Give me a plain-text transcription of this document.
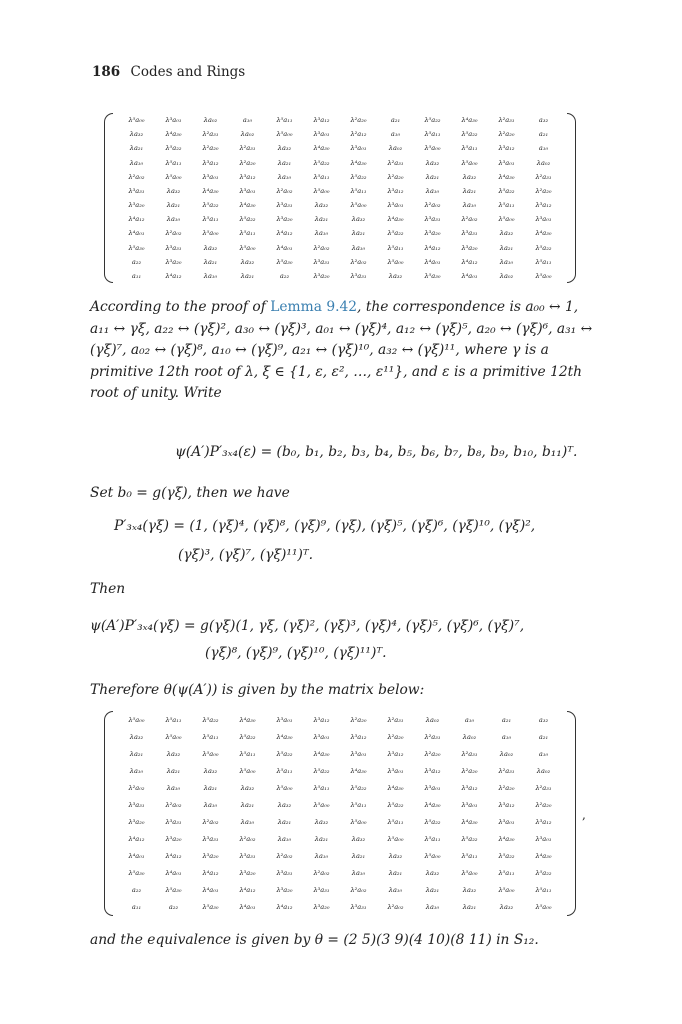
186 Codes and Rings
λ⁵a₀₀	λ³a₀₁	λa₀₂	a₁₀	λ⁵a₁₁	λ³a₁₂	λ²a₂₀	a₂₁	λ⁵a₂₂	λ⁴a₃₀	λ²a₃₁	a₃₂
λa₃₂	λ⁴a₃₀	λ²a₃₁	λa₀₂	λ⁵a₀₀	λ³a₀₁	λ²a₁₂	a₁₀	λ⁵a₁₁	λ⁵a₂₂	λ²a₂₀	a₂₁
λa₂₁	λ⁵a₂₂	λ²a₂₀	λ²a₃₁	λa₃₂	λ⁴a₃₀	λ³a₀₁	λa₀₂	λ⁵a₀₀	λ⁵a₁₁	λ³a₁₂	a₁₀
λa₁₀	λ⁵a₁₁	λ³a₁₂	λ²a₂₀	λa₂₁	λ⁵a₂₂	λ⁴a₃₀	λ²a₃₁	λa₃₂	λ⁵a₀₀	λ³a₀₁	λa₀₂
λ²a₀₂	λ⁵a₀₀	λ³a₀₁	λ³a₁₂	λa₁₀	λ⁵a₁₁	λ⁵a₂₂	λ²a₂₀	λa₂₁	λa₃₂	λ⁴a₃₀	λ²a₃₁
λ³a₃₁	λa₃₂	λ⁴a₃₀	λ³a₀₁	λ²a₀₂	λ⁵a₀₀	λ⁵a₁₁	λ³a₁₂	λa₁₀	λa₂₁	λ⁵a₂₂	λ²a₂₀
λ³a₂₀	λa₂₁	λ⁵a₂₂	λ⁴a₃₀	λ³a₃₁	λa₃₂	λ⁵a₀₀	λ³a₀₁	λ²a₀₂	λa₁₀	λ⁵a₁₁	λ³a₁₂
λ⁴a₁₂	λa₁₀	λ⁵a₁₁	λ⁵a₂₂	λ³a₂₀	λa₂₁	λa₃₂	λ⁴a₃₀	λ³a₃₁	λ²a₀₂	λ⁵a₀₀	λ³a₀₁
λ⁴a₀₁	λ²a₀₂	λ⁵a₀₀	λ⁵a₁₁	λ⁴a₁₂	λa₁₀	λa₂₁	λ⁵a₂₂	λ³a₂₀	λ³a₃₁	λa₃₂	λ⁴a₃₀
λ⁵a₃₀	λ³a₃₁	λa₃₂	λ⁵a₀₀	λ⁴a₀₁	λ²a₀₂	λa₁₀	λ⁵a₁₁	λ⁴a₁₂	λ³a₂₀	λa₂₁	λ⁵a₂₂
a₂₂	λ³a₂₀	λa₂₁	λa₃₂	λ⁵a₃₀	λ³a₃₁	λ²a₀₂	λ⁵a₀₀	λ⁴a₀₁	λ⁴a₁₂	λa₁₀	λ⁵a₁₁
a₁₁	λ⁴a₁₂	λa₁₀	λa₂₁	a₂₂	λ³a₂₀	λ³a₃₁	λa₃₂	λ⁵a₃₀	λ⁴a₀₁	λa₀₂	λ⁵a₀₀
According to the proof of Lemma 9.42, the correspondence is a₀₀ ↔ 1, a₁₁ ↔ γξ, a₂₂ ↔ (γξ)², a₃₀ ↔ (γξ)³, a₀₁ ↔ (γξ)⁴, a₁₂ ↔ (γξ)⁵, a₂₀ ↔ (γξ)⁶, a₃₁ ↔ (γξ)⁷, a₀₂ ↔ (γξ)⁸, a₁₀ ↔ (γξ)⁹, a₂₁ ↔ (γξ)¹⁰, a₃₂ ↔ (γξ)¹¹, where γ is a primitive 12th root of λ, ξ ∈ {1, ε, ε², …, ε¹¹}, and ε is a primitive 12th root of unity. Write
ψ(A′)P′₃ₓ₄(ε) = (b₀, b₁, b₂, b₃, b₄, b₅, b₆, b₇, b₈, b₉, b₁₀, b₁₁)ᵀ.
Set b₀ = g(γξ), then we have
P′₃ₓ₄(γξ) = (1, (γξ)⁴, (γξ)⁸, (γξ)⁹, (γξ), (γξ)⁵, (γξ)⁶, (γξ)¹⁰, (γξ)²,
(γξ)³, (γξ)⁷, (γξ)¹¹)ᵀ.
Then
ψ(A′)P′₃ₓ₄(γξ) = g(γξ)(1, γξ, (γξ)², (γξ)³, (γξ)⁴, (γξ)⁵, (γξ)⁶, (γξ)⁷,
(γξ)⁸, (γξ)⁹, (γξ)¹⁰, (γξ)¹¹)ᵀ.
Therefore θ(ψ(A′)) is given by the matrix below:
λ⁵a₀₀	λ⁵a₁₁	λ⁵a₂₂	λ⁴a₃₀	λ³a₀₁	λ³a₁₂	λ²a₂₀	λ²a₃₁	λa₀₂	a₁₀	a₂₁	a₃₂
λa₃₂	λ⁵a₀₀	λ⁵a₁₁	λ⁵a₂₂	λ⁴a₃₀	λ³a₀₁	λ³a₁₂	λ²a₂₀	λ²a₃₁	λa₀₂	a₁₀	a₂₁
λa₂₁	λa₃₂	λ⁵a₀₀	λ⁵a₁₁	λ⁵a₂₂	λ⁴a₃₀	λ³a₀₁	λ³a₁₂	λ²a₂₀	λ²a₃₁	λa₀₂	a₁₀
λa₁₀	λa₂₁	λa₃₂	λ⁵a₀₀	λ⁵a₁₁	λ⁵a₂₂	λ⁴a₃₀	λ³a₀₁	λ³a₁₂	λ²a₂₀	λ²a₃₁	λa₀₂
λ²a₀₂	λa₁₀	λa₂₁	λa₃₂	λ⁵a₀₀	λ⁵a₁₁	λ⁵a₂₂	λ⁴a₃₀	λ³a₀₁	λ³a₁₂	λ²a₂₀	λ²a₃₁
λ³a₃₁	λ²a₀₂	λa₁₀	λa₂₁	λa₃₂	λ⁵a₀₀	λ⁵a₁₁	λ⁵a₂₂	λ⁴a₃₀	λ³a₀₁	λ³a₁₂	λ²a₂₀
λ³a₂₀	λ³a₃₁	λ²a₀₂	λa₁₀	λa₂₁	λa₃₂	λ⁵a₀₀	λ⁵a₁₁	λ⁵a₂₂	λ⁴a₃₀	λ³a₀₁	λ³a₁₂
λ⁴a₁₂	λ³a₂₀	λ³a₃₁	λ²a₀₂	λa₁₀	λa₂₁	λa₃₂	λ⁵a₀₀	λ⁵a₁₁	λ⁵a₂₂	λ⁴a₃₀	λ³a₀₁
λ⁴a₀₁	λ⁴a₁₂	λ³a₂₀	λ³a₃₁	λ²a₀₂	λa₁₀	λa₂₁	λa₃₂	λ⁵a₀₀	λ⁵a₁₁	λ⁵a₂₂	λ⁴a₃₀
λ⁵a₃₀	λ⁴a₀₁	λ⁴a₁₂	λ³a₂₀	λ³a₃₁	λ²a₀₂	λa₁₀	λa₂₁	λa₃₂	λ⁵a₀₀	λ⁵a₁₁	λ⁵a₂₂
a₂₂	λ⁵a₃₀	λ⁴a₀₁	λ⁴a₁₂	λ³a₂₀	λ³a₃₁	λ²a₀₂	λa₁₀	λa₂₁	λa₃₂	λ⁵a₀₀	λ⁵a₁₁
a₁₁	a₂₂	λ⁵a₃₀	λ⁴a₀₁	λ⁴a₁₂	λ³a₂₀	λ³a₃₁	λ²a₀₂	λa₁₀	λa₂₁	λa₃₂	λ⁵a₀₀
,
and the equivalence is given by θ = (2 5)(3 9)(4 10)(8 11) in S₁₂.
